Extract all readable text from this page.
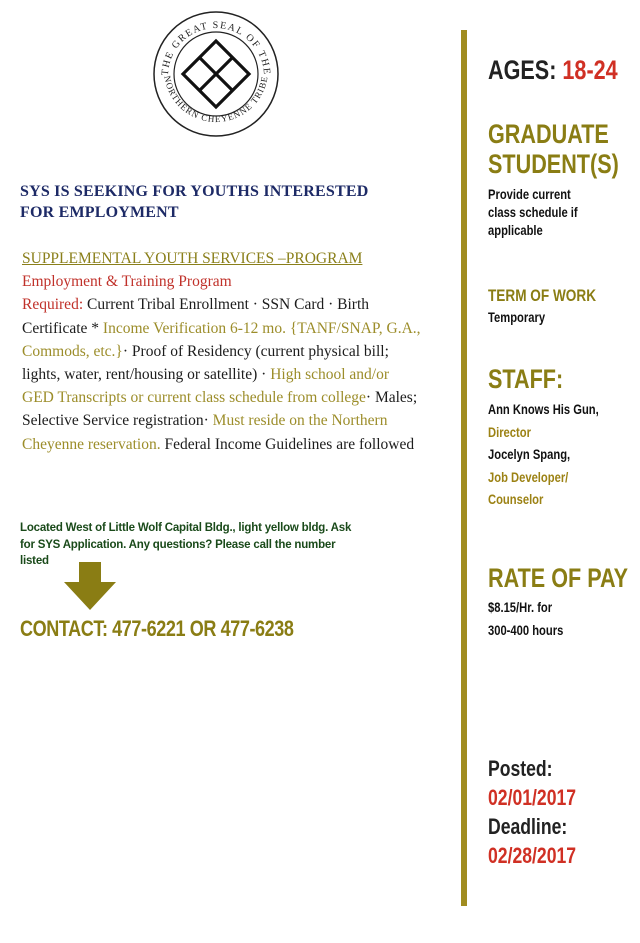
THE GREAT SEAL OF THE
NORTHERN CHEYENNE TRIBE
SYS IS SEEKING FOR YOUTHS INTERESTED
FOR EMPLOYMENT
SUPPLEMENTAL YOUTH SERVICES –PROGRAM
Employment & Training Program
Required: Current Tribal Enrollment · SSN Card · Birth Certificate * Income Verification 6-12 mo. {TANF/SNAP, G.A., Commods, etc.}· Proof of Residency (current physical bill; lights, water, rent/housing or satellite) · High school and/or GED Transcripts or current class schedule from college· Males; Selective Service registration· Must reside on the Northern Cheyenne reservation. Federal Income Guidelines are followed
Located West of Little Wolf Capital Bldg., light yellow bldg. Ask
for SYS Application. Any questions? Please call the number
listed
CONTACT: 477-6221 OR 477-6238
AGES: 18-24
GRADUATE
STUDENT(S)
Provide current
class schedule if
applicable
TERM OF WORK
Temporary
STAFF:
Ann Knows His Gun,
Director
Jocelyn Spang,
Job Developer/
Counselor
RATE OF PAY
$8.15/Hr. for
300-400 hours
Posted:
02/01/2017
Deadline:
02/28/2017
